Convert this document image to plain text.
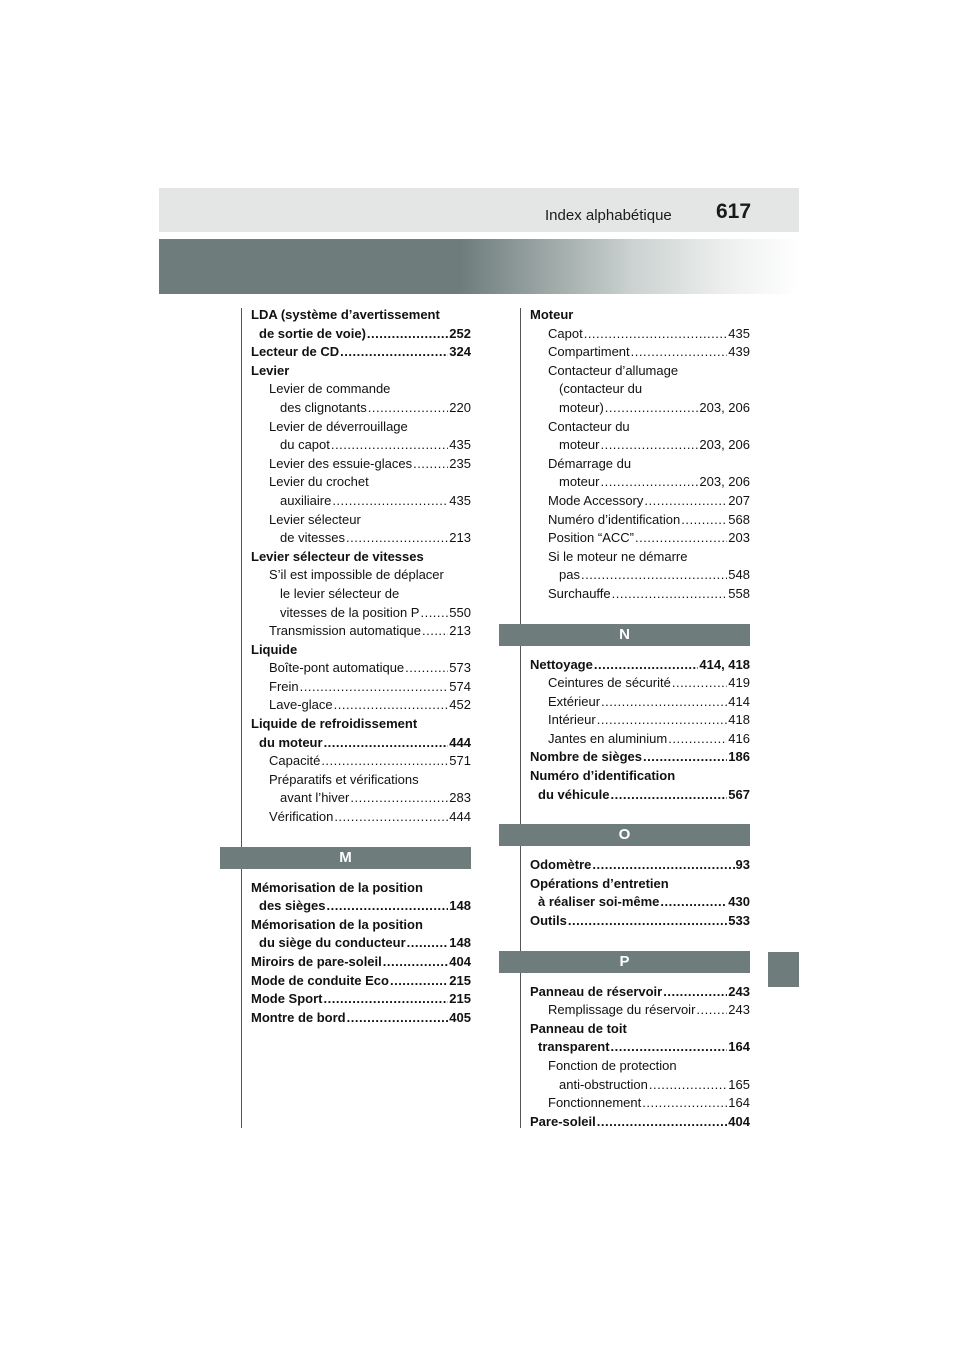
Index alphabétique 617
LDA (système d’avertissement
de sortie de voie) .....	252
Lecteur de CD .....	324
Levier
Levier de commande
des clignotants .....	220
Levier de déverrouillage
du capot .....	435
Levier des essuie-glaces .....	235
Levier du crochet
auxiliaire .....	435
Levier sélecteur
de vitesses .....	213
Levier sélecteur de vitesses
S’il est impossible de déplacer
le levier sélecteur de
vitesses de la position P ..... 550
Transmission automatique ..... 213
Liquide
Boîte-pont automatique .....	573
Frein .....	574
Lave-glace .....	452
Liquide de refroidissement
du moteur .....	444
Capacité .....	571
Préparatifs et vérifications
avant l’hiver .....	283
Vérification .....	444
M
Mémorisation de la position
des sièges .....	148
Mémorisation de la position
du siège du conducteur .....	148
Miroirs de pare-soleil .....	404
Mode de conduite Eco .....	215
Mode Sport .....	215
Montre de bord .....	405
Moteur
Capot .....	435
Compartiment .....	439
Contacteur d’allumage
(contacteur du
moteur) .....	203, 206
Contacteur du
moteur .....	203, 206
Démarrage du
moteur .....	203, 206
Mode Accessory .....	207
Numéro d’identification .....	568
Position “ACC” .....	203
Si le moteur ne démarre
pas .....	548
Surchauffe .....	558
N
Nettoyage .....	414, 418
Ceintures de sécurité .....	419
Extérieur .....	414
Intérieur .....	418
Jantes en aluminium .....	416
Nombre de sièges .....	186
Numéro d’identification
du véhicule .....	567
O
Odomètre .....	93
Opérations d’entretien
à réaliser soi-même .....	430
Outils .....	533
P
Panneau de réservoir .....	243
Remplissage du réservoir .....	243
Panneau de toit
transparent .....	164
Fonction de protection
anti-obstruction .....	165
Fonctionnement .....	164
Pare-soleil .....	404
